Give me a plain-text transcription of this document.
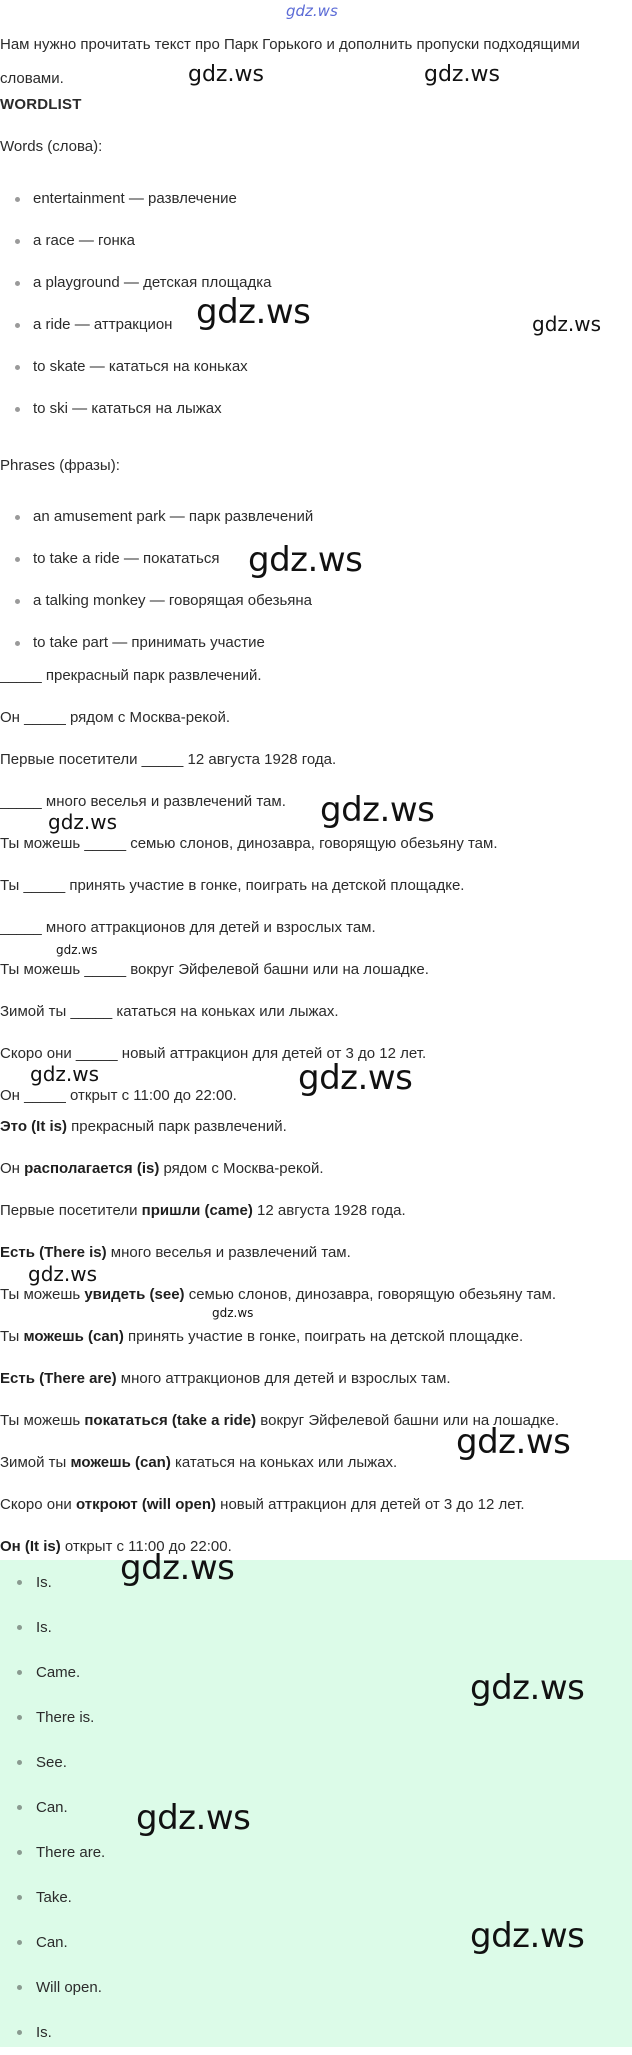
Нам нужно прочитать текст про Парк Горького и дополнить пропуски подходящими словами.
WORDLIST
Words (слова):
entertainment — развлечение
a race — гонка
a playground — детская площадка
a ride — аттракцион
to skate — кататься на коньках
to ski — кататься на лыжах
Phrases (фразы):
an amusement park — парк развлечений
to take a ride — покататься
a talking monkey — говорящая обезьяна
to take part — принимать участие
_____ прекрасный парк развлечений.
Он _____ рядом с Москва-рекой.
Первые посетители _____ 12 августа 1928 года.
_____ много веселья и развлечений там.
Ты можешь _____ семью слонов, динозавра, говорящую обезьяну там.
Ты _____ принять участие в гонке, поиграть на детской площадке.
_____ много аттракционов для детей и взрослых там.
Ты можешь _____ вокруг Эйфелевой башни или на лошадке.
Зимой ты _____ кататься на коньках или лыжах.
Скоро они _____ новый аттракцион для детей от 3 до 12 лет.
Он _____ открыт с 11:00 до 22:00.
Это (It is) прекрасный парк развлечений.
Он располагается (is) рядом с Москва-рекой.
Первые посетители пришли (came) 12 августа 1928 года.
Есть (There is) много веселья и развлечений там.
Ты можешь увидеть (see) семью слонов, динозавра, говорящую обезьяну там.
Ты можешь (can) принять участие в гонке, поиграть на детской площадке.
Есть (There are) много аттракционов для детей и взрослых там.
Ты можешь покататься (take a ride) вокруг Эйфелевой башни или на лошадке.
Зимой ты можешь (can) кататься на коньках или лыжах.
Скоро они откроют (will open) новый аттракцион для детей от 3 до 12 лет.
Он (It is) открыт с 11:00 до 22:00.
Is.
Is.
Came.
There is.
See.
Can.
There are.
Take.
Can.
Will open.
Is.
gdz.ws
gdz.ws	gdz.ws
gdz.ws	gdz.ws
gdz.ws
gdz.ws
gdz.ws
gdz.ws
gdz.ws	gdz.ws
gdz.ws
gdz.ws
gdz.ws
gdz.ws
gdz.ws
gdz.ws
gdz.ws
